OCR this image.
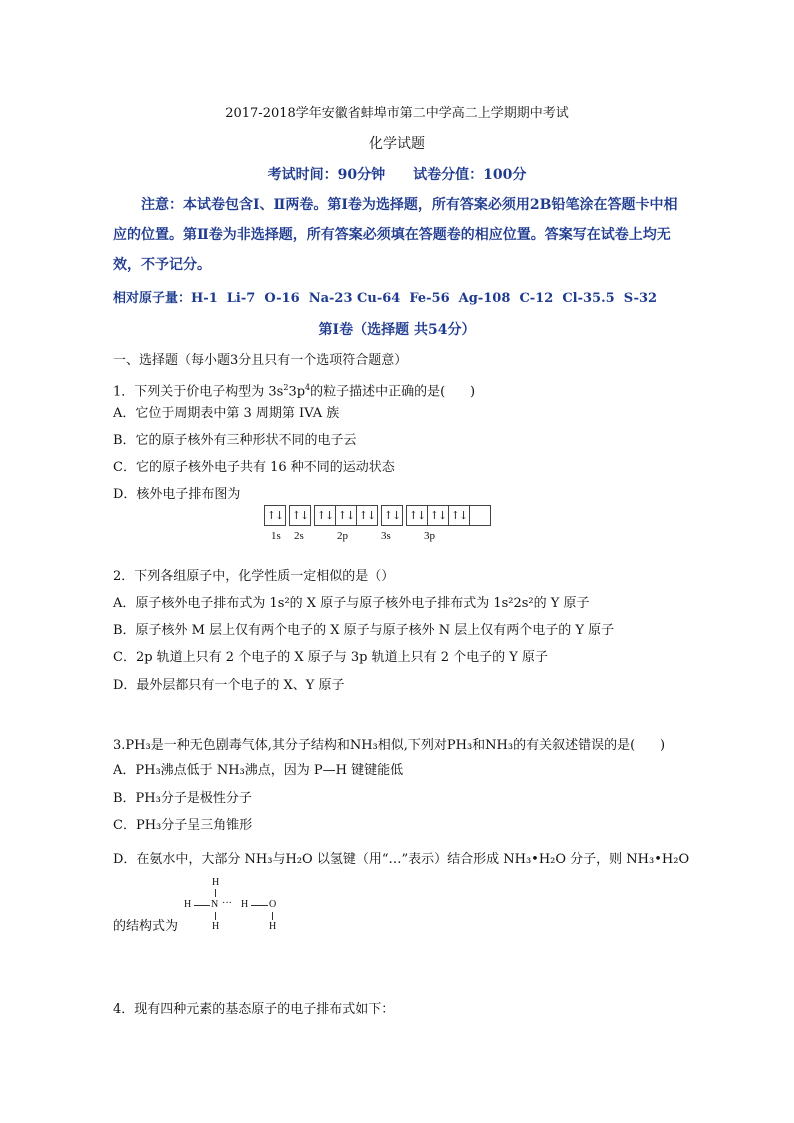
2017-2018学年安徽省蚌埠市第二中学高二上学期期中考试
化学试题
考试时间：90分钟 试卷分值：100分
注意：本试卷包含Ⅰ、Ⅱ两卷。第Ⅰ卷为选择题，所有答案必须用2B铅笔涂在答题卡中相应的位置。第Ⅱ卷为非选择题，所有答案必须填在答题卷的相应位置。答案写在试卷上均无效，不予记分。
相对原子量：H-1  Li-7  O-16  Na-23 Cu-64  Fe-56  Ag-108  C-12  Cl-35.5  S-32
第Ⅰ卷（选择题 共54分）
一、选择题（每小题3分且只有一个选项符合题意）
1．下列关于价电子构型为 $3s^23p^4$的粒子描述中正确的是(      )
A．它位于周期表中第 3 周期第 IVA 族
B．它的原子核外有三种形状不同的电子云
C．它的原子核外电子共有 16 种不同的运动状态
D．核外电子排布图为
↑↓ ↑↓ ↑↓ ↑↓ ↑↓ ↑↓ ↑↓ ↑↓ ↑↓
1s 2s	2p	3s	3p
2．下列各组原子中，化学性质一定相似的是（）
A．原子核外电子排布式为 1s²的 X 原子与原子核外电子排布式为 1s²2s²的 Y 原子
B．原子核外 M 层上仅有两个电子的 X 原子与原子核外 N 层上仅有两个电子的 Y 原子
C．2p 轨道上只有 2 个电子的 X 原子与 3p 轨道上只有 2 个电子的 Y 原子
D．最外层都只有一个电子的 X、Y 原子
3.PH₃是一种无色剧毒气体,其分子结构和NH₃相似,下列对PH₃和NH₃的有关叙述错误的是(      )
A．PH₃沸点低于 NH₃沸点，因为 P—H 键键能低
B．PH₃分子是极性分子
C．PH₃分子呈三角锥形
D．在氨水中，大部分 NH₃与H₂O 以氢键（用“…”表示）结合形成 NH₃•H₂O 分子，则 NH₃•H₂O
H
H N ··· H O
H
H
的结构式为
4．现有四种元素的基态原子的电子排布式如下：
